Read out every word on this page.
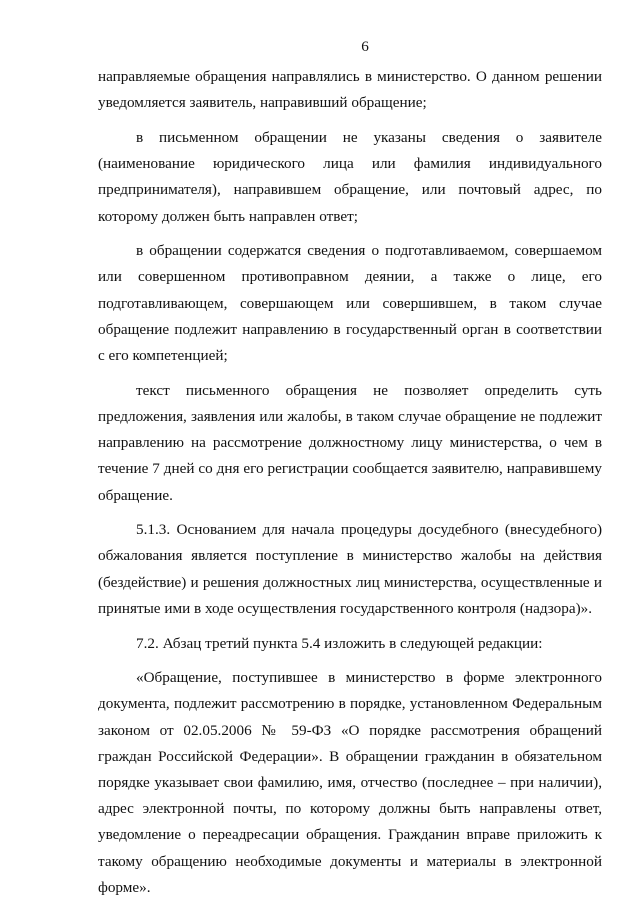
6

направляемые обращения направлялись в министерство. О данном решении уведомляется заявитель, направивший обращение;

в письменном обращении не указаны сведения о заявителе (наименование юридического лица или фамилия индивидуального предпринимателя), направившем обращение, или почтовый адрес, по которому должен быть направлен ответ;

в обращении содержатся сведения о подготавливаемом, совершаемом или совершенном противоправном деянии, а также о лице, его подготавливающем, совершающем или совершившем, в таком случае обращение подлежит направлению в государственный орган в соответствии с его компетенцией;

текст письменного обращения не позволяет определить суть предложения, заявления или жалобы, в таком случае обращение не подлежит направлению на рассмотрение должностному лицу министерства, о чем в течение 7 дней со дня его регистрации сообщается заявителю, направившему обращение.

5.1.3. Основанием для начала процедуры досудебного (внесудебного) обжалования является поступление в министерство жалобы на действия (бездействие) и решения должностных лиц министерства, осуществленные и принятые ими в ходе осуществления государственного контроля (надзора)».

7.2. Абзац третий пункта 5.4 изложить в следующей редакции:

«Обращение, поступившее в министерство в форме электронного документа, подлежит рассмотрению в порядке, установленном Федеральным законом от 02.05.2006 № 59-ФЗ «О порядке рассмотрения обращений граждан Российской Федерации». В обращении гражданин в обязательном порядке указывает свои фамилию, имя, отчество (последнее – при наличии), адрес электронной почты, по которому должны быть направлены ответ, уведомление о переадресации обращения. Гражданин вправе приложить к такому обращению необходимые документы и материалы в электронной форме».
